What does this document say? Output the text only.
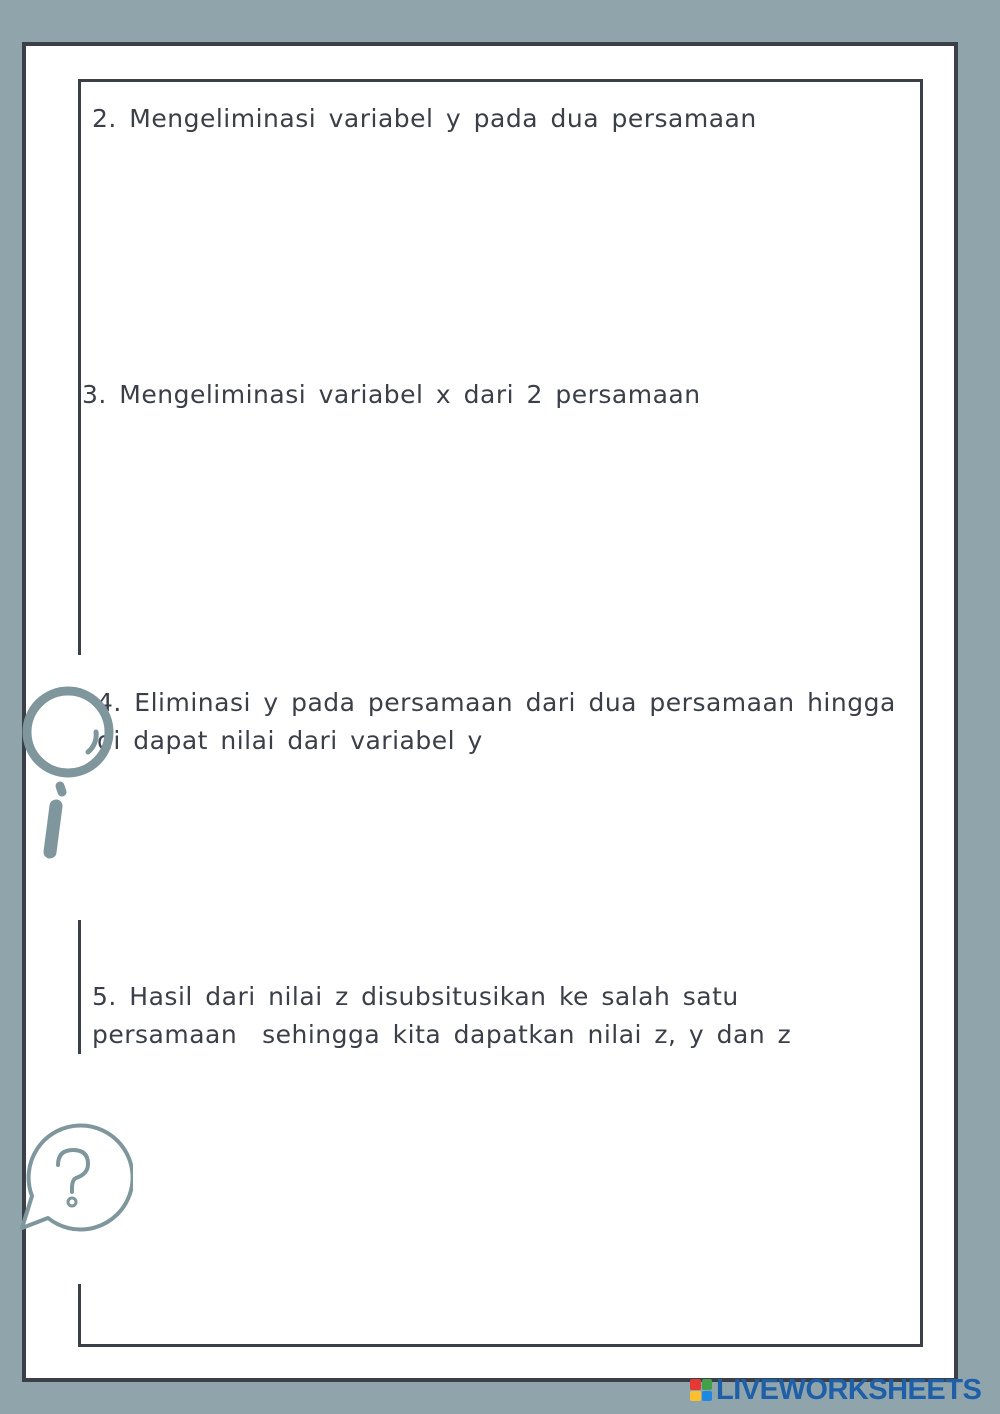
2. Mengeliminasi variabel y pada dua persamaan
3. Mengeliminasi variabel x dari 2 persamaan
4. Eliminasi y pada persamaan dari dua persamaan hingga
di dapat nilai dari variabel y
5. Hasil dari nilai z disubsitusikan ke salah satu
persamaan  sehingga kita dapatkan nilai z, y dan z
LIVEWORKSHEETS
